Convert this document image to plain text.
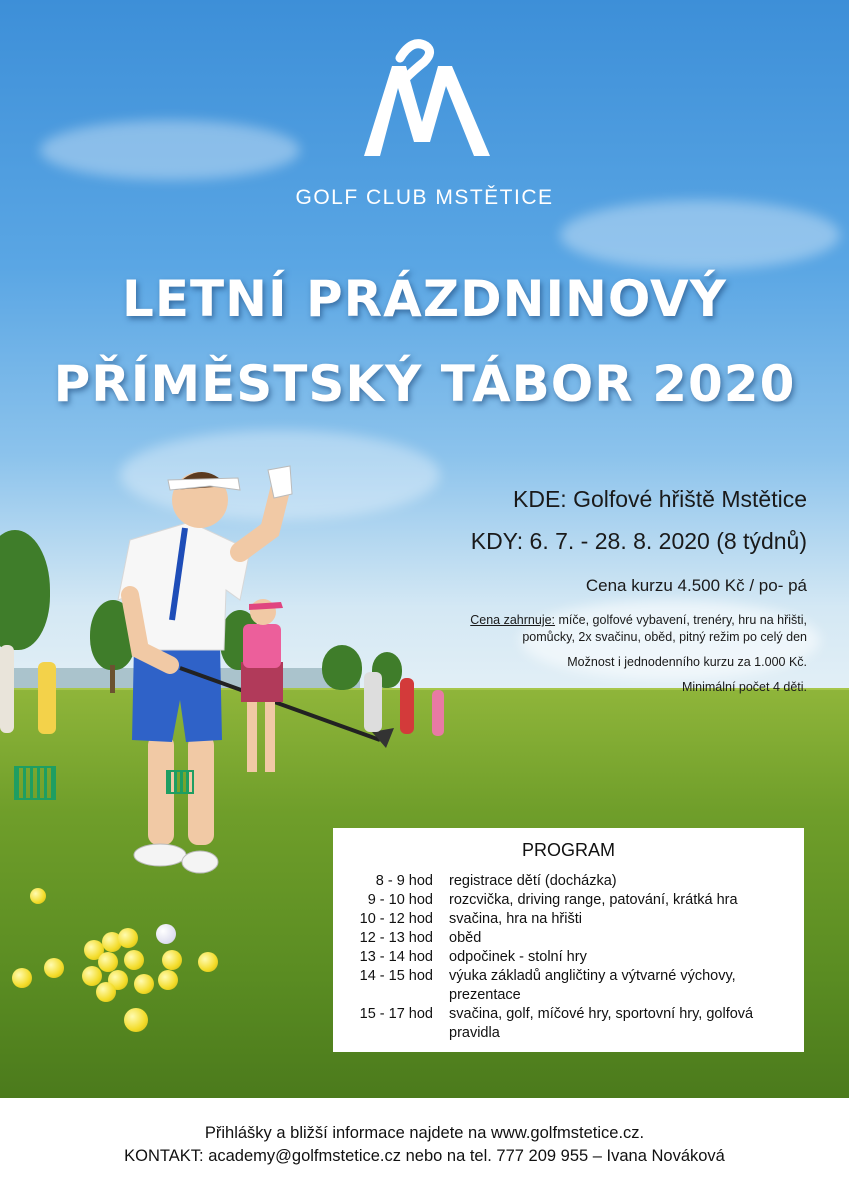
GOLF CLUB MSTĚTICE
LETNÍ PRÁZDNINOVÝ
PŘÍMĚSTSKÝ TÁBOR 2020
KDE: Golfové hřiště Mstětice
KDY: 6. 7. - 28. 8. 2020 (8 týdnů)
Cena kurzu 4.500 Kč / po- pá
Cena zahrnuje: míče, golfové vybavení, trenéry, hru na hřišti, pomůcky, 2x svačinu, oběd, pitný režim po celý den
Možnost i jednodenního kurzu za 1.000 Kč.
Minimální počet 4 děti.
PROGRAM
8 - 9 hod registrace dětí (docházka)
9 - 10 hod rozcvička, driving range, patování, krátká hra
10 - 12 hod svačina, hra na hřišti
12 - 13 hod oběd
13 - 14 hod odpočinek - stolní hry
14 - 15 hod výuka základů angličtiny a výtvarné výchovy, prezentace
15 - 17 hod svačina, golf, míčové hry, sportovní hry, golfová pravidla
Přihlášky a bližší informace najdete na www.golfmstetice.cz.
KONTAKT: academy@golfmstetice.cz nebo na tel. 777 209 955 – Ivana Nováková
